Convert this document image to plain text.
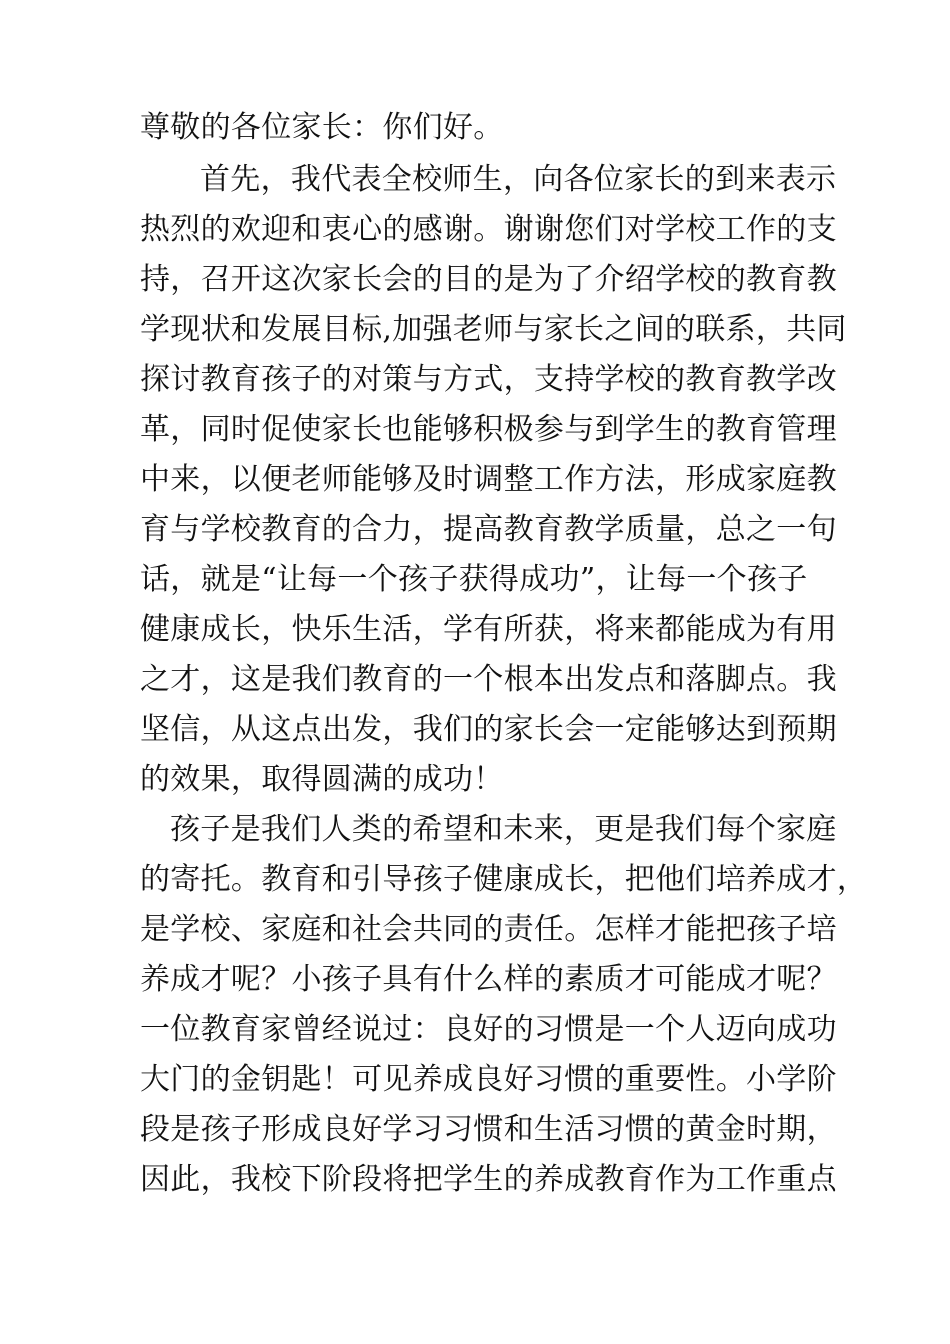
尊敬的各位家长：你们好。
首先，我代表全校师生，向各位家长的到来表示
热烈的欢迎和衷心的感谢。谢谢您们对学校工作的支
持，召开这次家长会的目的是为了介绍学校的教育教
学现状和发展目标,加强老师与家长之间的联系，共同
探讨教育孩子的对策与方式，支持学校的教育教学改
革，同时促使家长也能够积极参与到学生的教育管理
中来，以便老师能够及时调整工作方法，形成家庭教
育与学校教育的合力，提高教育教学质量，总之一句
话，就是“让每一个孩子获得成功”，让每一个孩子
健康成长，快乐生活，学有所获，将来都能成为有用
之才，这是我们教育的一个根本出发点和落脚点。我
坚信，从这点出发，我们的家长会一定能够达到预期
的效果，取得圆满的成功！
孩子是我们人类的希望和未来，更是我们每个家庭
的寄托。教育和引导孩子健康成长，把他们培养成才，
是学校、家庭和社会共同的责任。怎样才能把孩子培
养成才呢？小孩子具有什么样的素质才可能成才呢？
一位教育家曾经说过：良好的习惯是一个人迈向成功
大门的金钥匙！可见养成良好习惯的重要性。小学阶
段是孩子形成良好学习习惯和生活习惯的黄金时期，
因此，我校下阶段将把学生的养成教育作为工作重点
